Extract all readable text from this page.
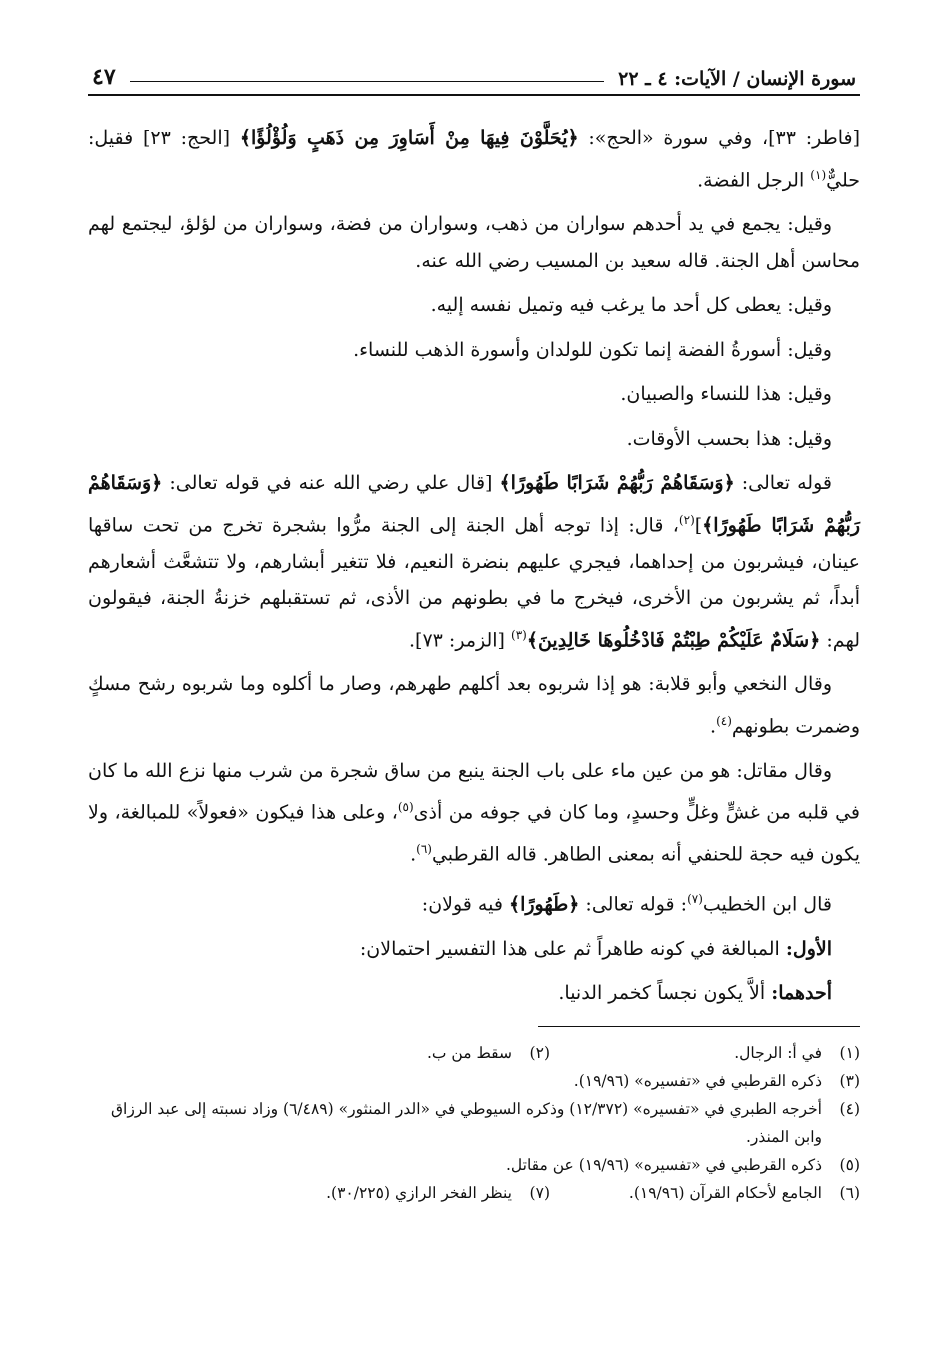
سورة الإنسان / الآيات: ٤ ـ ٢٢
٤٧

[فاطر: ٣٣]، وفي سورة «الحج»: ﴿يُحَلَّوْنَ فِيهَا مِنْ أَسَاوِرَ مِن ذَهَبٍ وَلُؤْلُؤًا﴾ [الحج: ٢٣] فقيل: حليٌّ$^{(١)}$ الرجل الفضة.

وقيل: يجمع في يد أحدهم سواران من ذهب، وسواران من فضة، وسواران من لؤلؤ، ليجتمع لهم محاسن أهل الجنة. قاله سعيد بن المسيب رضي الله عنه.

وقيل: يعطى كل أحد ما يرغب فيه وتميل نفسه إليه.

وقيل: أسورةُ الفضة إنما تكون للولدان وأسورة الذهب للنساء.

وقيل: هذا للنساء والصبيان.

وقيل: هذا بحسب الأوقات.

قوله تعالى: ﴿وَسَقَاهُمْ رَبُّهُمْ شَرَابًا طَهُورًا﴾ [قال علي رضي الله عنه في قوله تعالى: ﴿وَسَقَاهُمْ رَبُّهُمْ شَرَابًا طَهُورًا﴾]$^{(٢)}$، قال: إذا توجه أهل الجنة إلى الجنة مرُّوا بشجرة تخرج من تحت ساقها عينان، فيشربون من إحداهما، فيجري عليهم بنضرة النعيم، فلا تتغير أبشارهم، ولا تتشعَّث أشعارهم أبداً، ثم يشربون من الأخرى، فيخرج ما في بطونهم من الأذى، ثم تستقبلهم خزنةُ الجنة، فيقولون لهم: ﴿سَلَامٌ عَلَيْكُمْ طِبْتُمْ فَادْخُلُوهَا خَالِدِينَ﴾$^{(٣)}$ [الزمر: ٧٣].

وقال النخعي وأبو قلابة: هو إذا شربوه بعد أكلهم طهرهم، وصار ما أكلوه وما شربوه رشح مسكٍ وضمرت بطونهم$^{(٤)}$.

وقال مقاتل: هو من عين ماء على باب الجنة ينبع من ساق شجرة من شرب منها نزع الله ما كان في قلبه من غشٍّ وغلٍّ وحسدٍ، وما كان في جوفه من أذى$^{(٥)}$، وعلى هذا فيكون «فعولاً» للمبالغة، ولا يكون فيه حجة للحنفي أنه بمعنى الطاهر. قاله القرطبي$^{(٦)}$.

قال ابن الخطيب$^{(٧)}$: قوله تعالى: ﴿طَهُورًا﴾ فيه قولان:

الأول: المبالغة في كونه طاهراً ثم على هذا التفسير احتمالان:

أحدهما: ألاَّ يكون نجساً كخمر الدنيا.

(١)
في أ: الرجال.
(٢)
سقط من ب.
(٣)
ذكره القرطبي في «تفسيره» (١٩/٩٦).
(٤)
أخرجه الطبري في «تفسيره» (١٢/٣٧٢) وذكره السيوطي في «الدر المنثور» (٦/٤٨٩) وزاد نسبته إلى عبد الرزاق وابن المنذر.
(٥)
ذكره القرطبي في «تفسيره» (١٩/٩٦) عن مقاتل.
(٦)
الجامع لأحكام القرآن (١٩/٩٦).
(٧)
ينظر الفخر الرازي (٣٠/٢٢٥).
